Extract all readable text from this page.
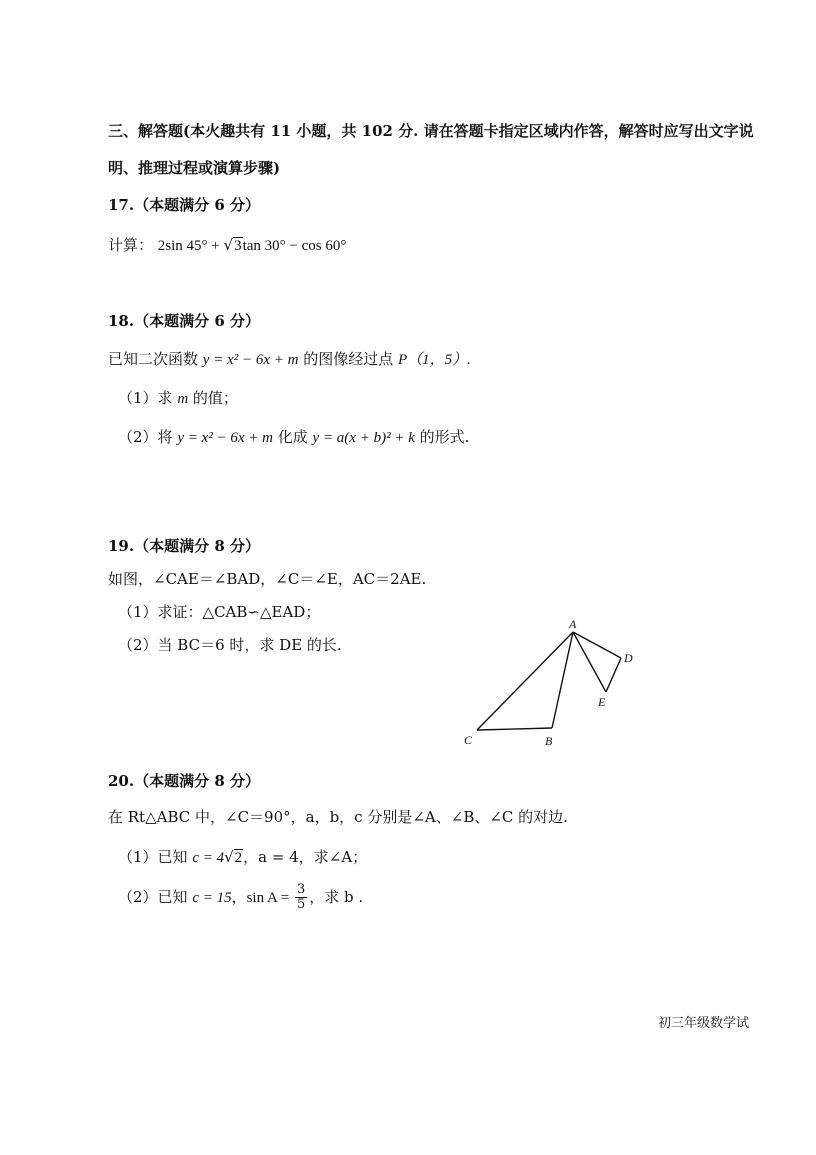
三、解答题(本火趣共有 11 小题，共 102 分. 请在答题卡指定区域内作答，解答时应写出文字说
明、推理过程或演算步骤)
17.（本题满分 6 分）
计算： 2sin 45° + √3tan 30° − cos 60°
18.（本题满分 6 分）
已知二次函数 y = x² − 6x + m 的图像经过点 P（1，5）.
（1）求 m 的值；
（2）将 y = x² − 6x + m 化成 y = a(x + b)² + k 的形式.
19.（本题满分 8 分）
如图，∠CAE＝∠BAD，∠C＝∠E，AC＝2AE.
（1）求证：△CAB∽△EAD；
（2）当 BC＝6 时，求 DE 的长.
A
B
C
D
E
20.（本题满分 8 分）
在 Rt△ABC 中，∠C＝90°，a，b，c 分别是∠A、∠B、∠C 的对边.
（1）已知 c = 4√2，a = 4，求∠A；
（2）已知 c = 15，$\sin A = \frac{3}{5}$ ，求 b .
初三年级数学试
